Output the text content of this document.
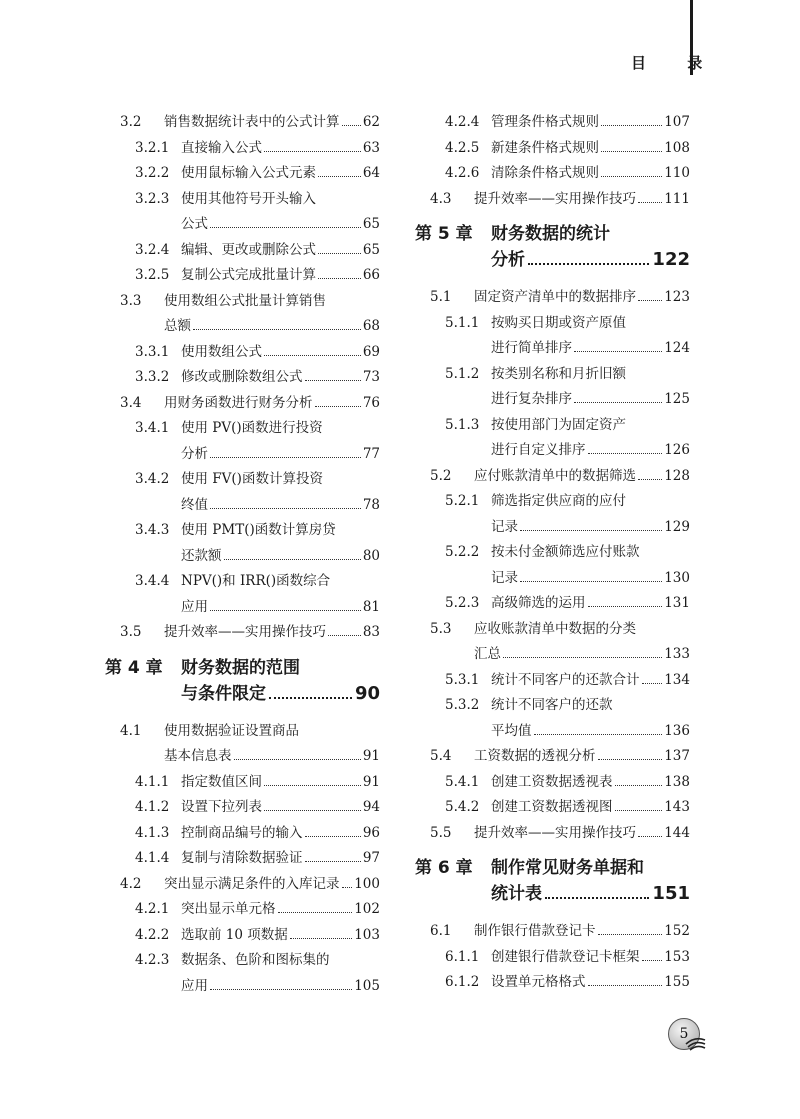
目 录
3.2	销售数据统计表中的公式计算 62
3.2.1 直接输入公式	63
3.2.2 使用鼠标输入公式元素	64
3.2.3 使用其他符号开头输入
公式	65
3.2.4 编辑、更改或删除公式	65
3.2.5 复制公式完成批量计算	66
3.3	使用数组公式批量计算销售
总额	68
3.3.1 使用数组公式	69
3.3.2 修改或删除数组公式	73
3.4	用财务函数进行财务分析	76
3.4.1 使用 PV()函数进行投资
分析	77
3.4.2 使用 FV()函数计算投资
终值	78
3.4.3 使用 PMT()函数计算房贷
还款额	80
3.4.4 NPV()和 IRR()函数综合
应用	81
3.5	提升效率——实用操作技巧	83
第 4 章 财务数据的范围
与条件限定	90
4.1	使用数据验证设置商品
基本信息表	91
4.1.1 指定数值区间	91
4.1.2 设置下拉列表	94
4.1.3 控制商品编号的输入	96
4.1.4 复制与清除数据验证	97
4.2	突出显示满足条件的入库记录 100
4.2.1 突出显示单元格	102
4.2.2 选取前 10 项数据	103
4.2.3 数据条、色阶和图标集的
应用	105
4.2.4 管理条件格式规则	107
4.2.5 新建条件格式规则	108
4.2.6 清除条件格式规则	110
4.3	提升效率——实用操作技巧 111
第 5 章 财务数据的统计
分析	122
5.1	固定资产清单中的数据排序 123
5.1.1 按购买日期或资产原值
进行简单排序	124
5.1.2 按类别名称和月折旧额
进行复杂排序	125
5.1.3 按使用部门为固定资产
进行自定义排序	126
5.2	应付账款清单中的数据筛选 128
5.2.1 筛选指定供应商的应付
记录	129
5.2.2 按未付金额筛选应付账款
记录	130
5.2.3 高级筛选的运用	131
5.3	应收账款清单中数据的分类
汇总	133
5.3.1 统计不同客户的还款合计 134
5.3.2 统计不同客户的还款
平均值	136
5.4	工资数据的透视分析	137
5.4.1 创建工资数据透视表	138
5.4.2 创建工资数据透视图	143
5.5	提升效率——实用操作技巧 144
第 6 章 制作常见财务单据和
统计表	151
6.1	制作银行借款登记卡	152
6.1.1 创建银行借款登记卡框架 153
6.1.2 设置单元格格式	155
5
